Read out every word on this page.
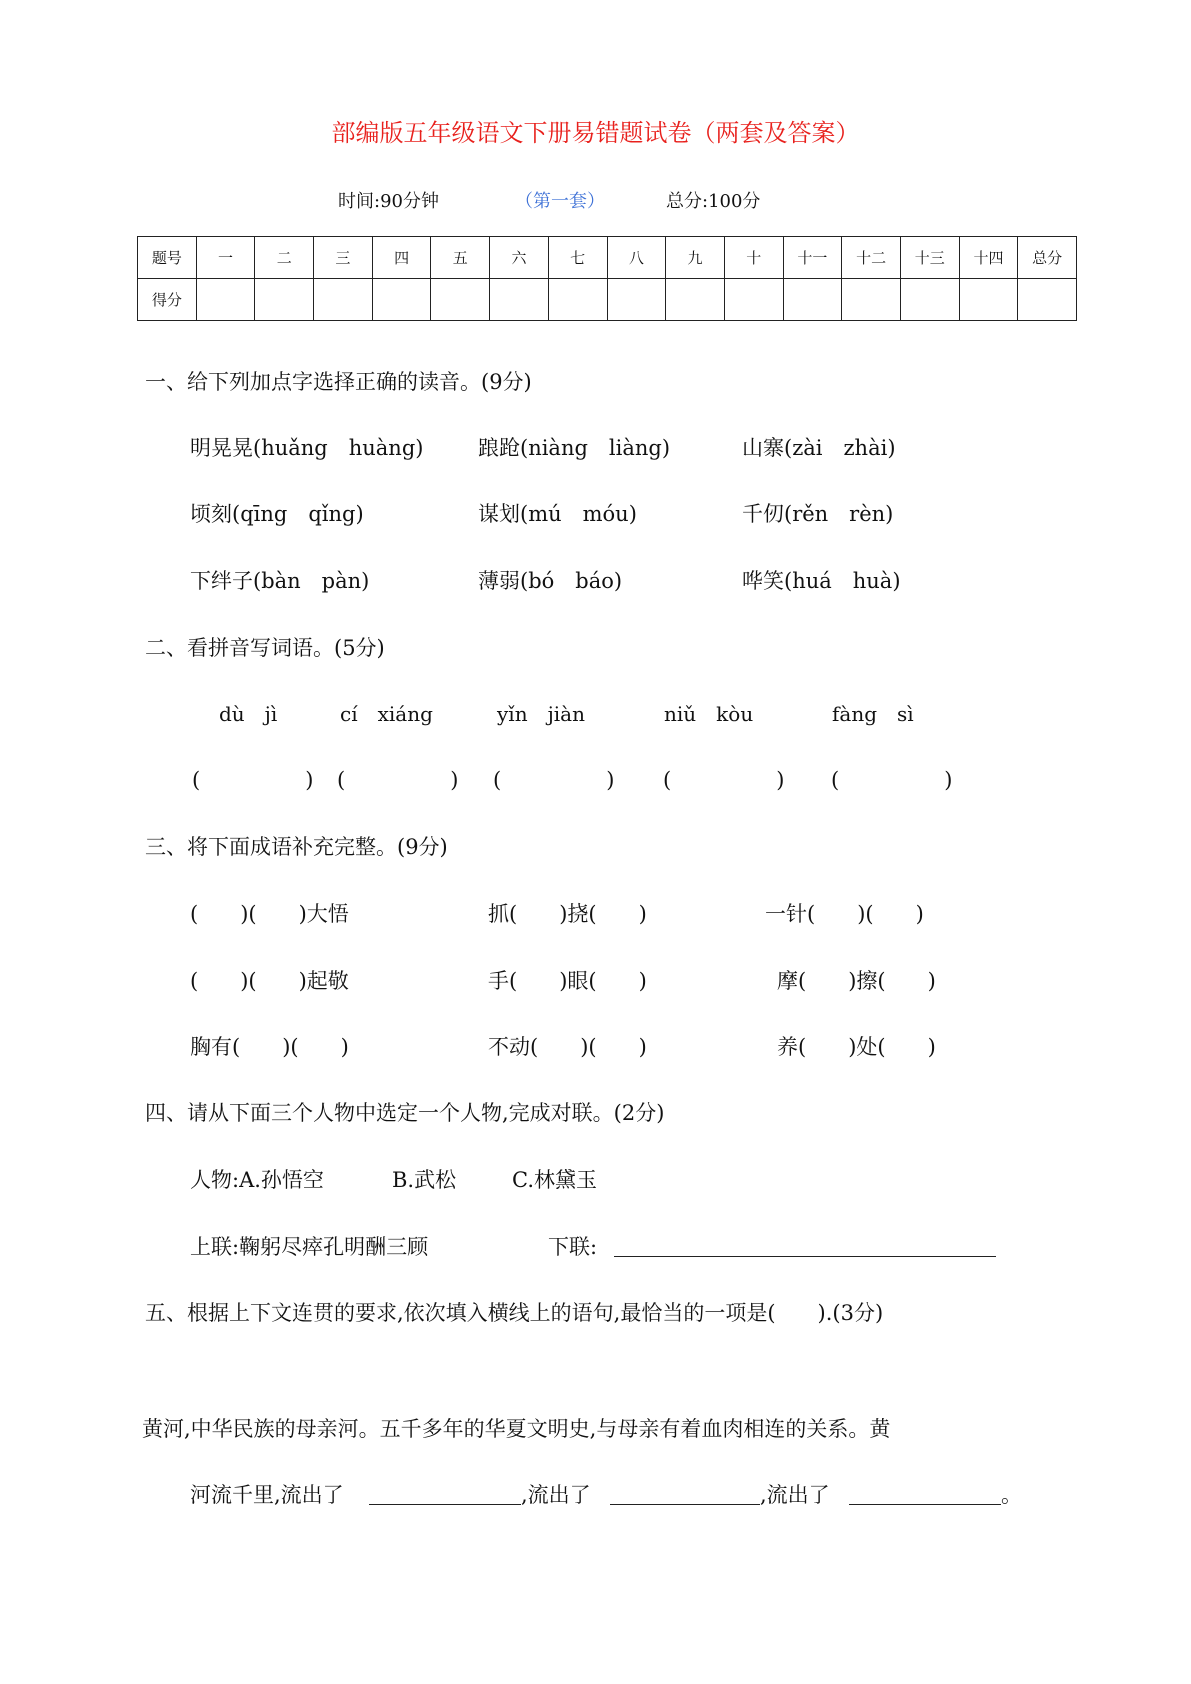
部编版五年级语文下册易错题试卷（两套及答案）
时间:90分钟	（第一套）	总分:100分
题号	一	二	三	四	五	六	七	八	九	十	十一	十二	十三	十四	总分
得分															
一、给下列加点字选择正确的读音。(9分)
明晃晃(huǎng　huàng)	踉跄(niàng　liàng)	山寨(zài　zhài)
顷刻(qīng　qǐng)	谋划(mú　móu)	千仞(rěn　rèn)
下绊子(bàn　pàn)	薄弱(bó　báo)	哗笑(huá　huà)
二、看拼音写词语。(5分)
dù　jì	cí　xiáng	yǐn　jiàn	niǔ　kòu	fàng　sì
(　　　　　) (　　　　　) (　　　　　) (　　　　　) (　　　　　)
三、将下面成语补充完整。(9分)
(　　)(　　)大悟	抓(　　)挠(　　)	一针(　　)(　　)
(　　)(　　)起敬	手(　　)眼(　　)	摩(　　)擦(　　)
胸有(　　)(　　)	不动(　　)(　　)	养(　　)处(　　)
四、请从下面三个人物中选定一个人物,完成对联。(2分)
人物:A.孙悟空	B.武松	C.林黛玉
上联:鞠躬尽瘁孔明酬三顾	下联:
五、根据上下文连贯的要求,依次填入横线上的语句,最恰当的一项是(　　).(3分)
黄河,中华民族的母亲河。五千多年的华夏文明史,与母亲有着血肉相连的关系。黄
河流千里,流出了	,流出了	,流出了	。
